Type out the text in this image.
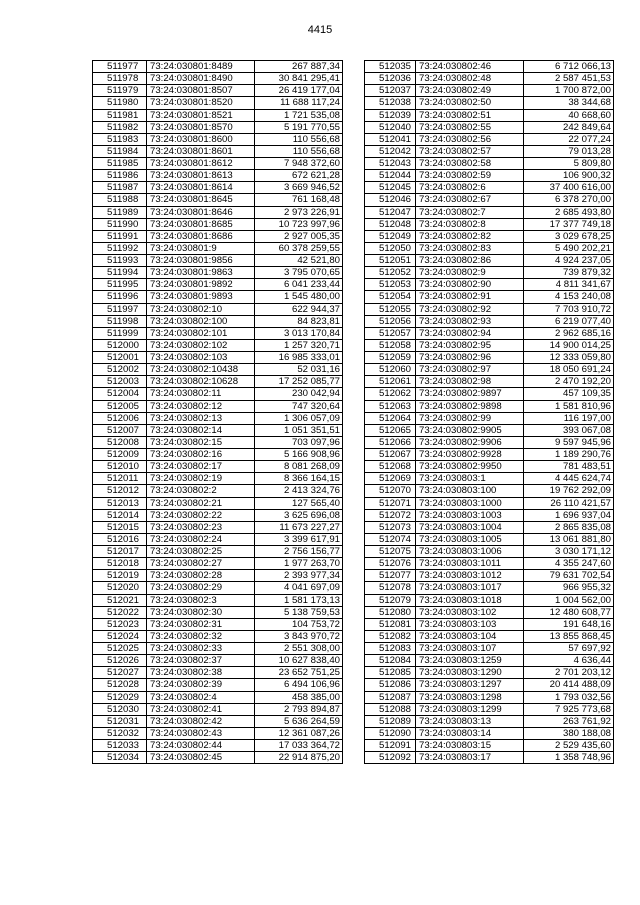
4415
511977	73:24:030801:8489	267 887,34
511978	73:24:030801:8490	30 841 295,41
511979	73:24:030801:8507	26 419 177,04
511980	73:24:030801:8520	11 688 117,24
511981	73:24:030801:8521	1 721 535,08
511982	73:24:030801:8570	5 191 770,55
511983	73:24:030801:8600	110 556,68
511984	73:24:030801:8601	110 556,68
511985	73:24:030801:8612	7 948 372,60
511986	73:24:030801:8613	672 621,28
511987	73:24:030801:8614	3 669 946,52
511988	73:24:030801:8645	761 168,48
511989	73:24:030801:8646	2 973 226,91
511990	73:24:030801:8685	10 723 997,96
511991	73:24:030801:8686	2 927 005,35
511992	73:24:030801:9	60 378 259,55
511993	73:24:030801:9856	42 521,80
511994	73:24:030801:9863	3 795 070,65
511995	73:24:030801:9892	6 041 233,44
511996	73:24:030801:9893	1 545 480,00
511997	73:24:030802:10	622 944,37
511998	73:24:030802:100	84 823,81
511999	73:24:030802:101	3 013 170,84
512000	73:24:030802:102	1 257 320,71
512001	73:24:030802:103	16 985 333,01
512002	73:24:030802:10438	52 031,16
512003	73:24:030802:10628	17 252 085,77
512004	73:24:030802:11	230 042,94
512005	73:24:030802:12	747 320,64
512006	73:24:030802:13	1 306 057,09
512007	73:24:030802:14	1 051 351,51
512008	73:24:030802:15	703 097,96
512009	73:24:030802:16	5 166 908,96
512010	73:24:030802:17	8 081 268,09
512011	73:24:030802:19	8 366 164,15
512012	73:24:030802:2	2 413 324,76
512013	73:24:030802:21	127 565,40
512014	73:24:030802:22	3 625 696,08
512015	73:24:030802:23	11 673 227,27
512016	73:24:030802:24	3 399 617,91
512017	73:24:030802:25	2 756 156,77
512018	73:24:030802:27	1 977 263,70
512019	73:24:030802:28	2 393 977,34
512020	73:24:030802:29	4 041 697,09
512021	73:24:030802:3	1 581 173,13
512022	73:24:030802:30	5 138 759,53
512023	73:24:030802:31	104 753,72
512024	73:24:030802:32	3 843 970,72
512025	73:24:030802:33	2 551 308,00
512026	73:24:030802:37	10 627 838,40
512027	73:24:030802:38	23 652 751,25
512028	73:24:030802:39	6 494 106,96
512029	73:24:030802:4	458 385,00
512030	73:24:030802:41	2 793 894,87
512031	73:24:030802:42	5 636 264,59
512032	73:24:030802:43	12 361 087,26
512033	73:24:030802:44	17 033 364,72
512034	73:24:030802:45	22 914 875,20
512035	73:24:030802:46	6 712 066,13
512036	73:24:030802:48	2 587 451,53
512037	73:24:030802:49	1 700 872,00
512038	73:24:030802:50	38 344,68
512039	73:24:030802:51	40 668,60
512040	73:24:030802:55	242 849,64
512041	73:24:030802:56	22 077,24
512042	73:24:030802:57	79 013,28
512043	73:24:030802:58	5 809,80
512044	73:24:030802:59	106 900,32
512045	73:24:030802:6	37 400 616,00
512046	73:24:030802:67	6 378 270,00
512047	73:24:030802:7	2 685 493,80
512048	73:24:030802:8	17 377 749,18
512049	73:24:030802:82	3 029 678,25
512050	73:24:030802:83	5 490 202,21
512051	73:24:030802:86	4 924 237,05
512052	73:24:030802:9	739 879,32
512053	73:24:030802:90	4 811 341,67
512054	73:24:030802:91	4 153 240,08
512055	73:24:030802:92	7 703 910,72
512056	73:24:030802:93	6 219 077,40
512057	73:24:030802:94	2 962 685,16
512058	73:24:030802:95	14 900 014,25
512059	73:24:030802:96	12 333 059,80
512060	73:24:030802:97	18 050 691,24
512061	73:24:030802:98	2 470 192,20
512062	73:24:030802:9897	457 109,35
512063	73:24:030802:9898	1 581 810,96
512064	73:24:030802:99	116 197,00
512065	73:24:030802:9905	393 067,08
512066	73:24:030802:9906	9 597 945,96
512067	73:24:030802:9928	1 189 290,76
512068	73:24:030802:9950	781 483,51
512069	73:24:030803:1	4 445 624,74
512070	73:24:030803:100	19 762 292,09
512071	73:24:030803:1000	26 110 421,57
512072	73:24:030803:1003	1 696 937,04
512073	73:24:030803:1004	2 865 835,08
512074	73:24:030803:1005	13 061 881,80
512075	73:24:030803:1006	3 030 171,12
512076	73:24:030803:1011	4 355 247,60
512077	73:24:030803:1012	79 631 702,54
512078	73:24:030803:1017	966 955,32
512079	73:24:030803:1018	1 004 562,00
512080	73:24:030803:102	12 480 608,77
512081	73:24:030803:103	191 648,16
512082	73:24:030803:104	13 855 868,45
512083	73:24:030803:107	57 697,92
512084	73:24:030803:1259	4 636,44
512085	73:24:030803:1290	2 701 203,12
512086	73:24:030803:1297	20 414 488,09
512087	73:24:030803:1298	1 793 032,56
512088	73:24:030803:1299	7 925 773,68
512089	73:24:030803:13	263 761,92
512090	73:24:030803:14	380 188,08
512091	73:24:030803:15	2 529 435,60
512092	73:24:030803:17	1 358 748,96
